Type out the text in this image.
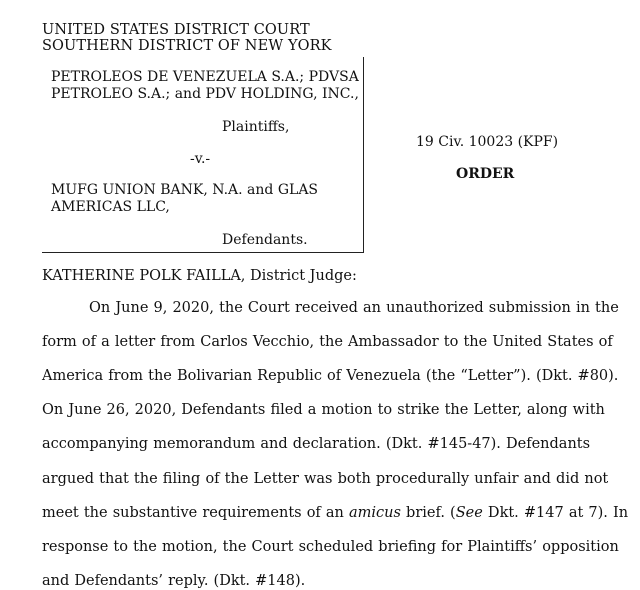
UNITED STATES DISTRICT COURT
SOUTHERN DISTRICT OF NEW YORK
PETROLEOS DE VENEZUELA S.A.; PDVSA
PETROLEO S.A.; and PDV HOLDING, INC.,
Plaintiffs,
-v.-
MUFG UNION BANK, N.A. and GLAS
AMERICAS LLC,
Defendants.
19 Civ. 10023 (KPF)
ORDER
KATHERINE POLK FAILLA, District Judge:
On June 9, 2020, the Court received an unauthorized submission in the
form of a letter from Carlos Vecchio, the Ambassador to the United States of
America from the Bolivarian Republic of Venezuela (the “Letter”). (Dkt. #80).
On June 26, 2020, Defendants filed a motion to strike the Letter, along with
accompanying memorandum and declaration. (Dkt. #145-47). Defendants
argued that the filing of the Letter was both procedurally unfair and did not
meet the substantive requirements of an amicus brief. (See Dkt. #147 at 7). In
response to the motion, the Court scheduled briefing for Plaintiffs’ opposition
and Defendants’ reply. (Dkt. #148).
